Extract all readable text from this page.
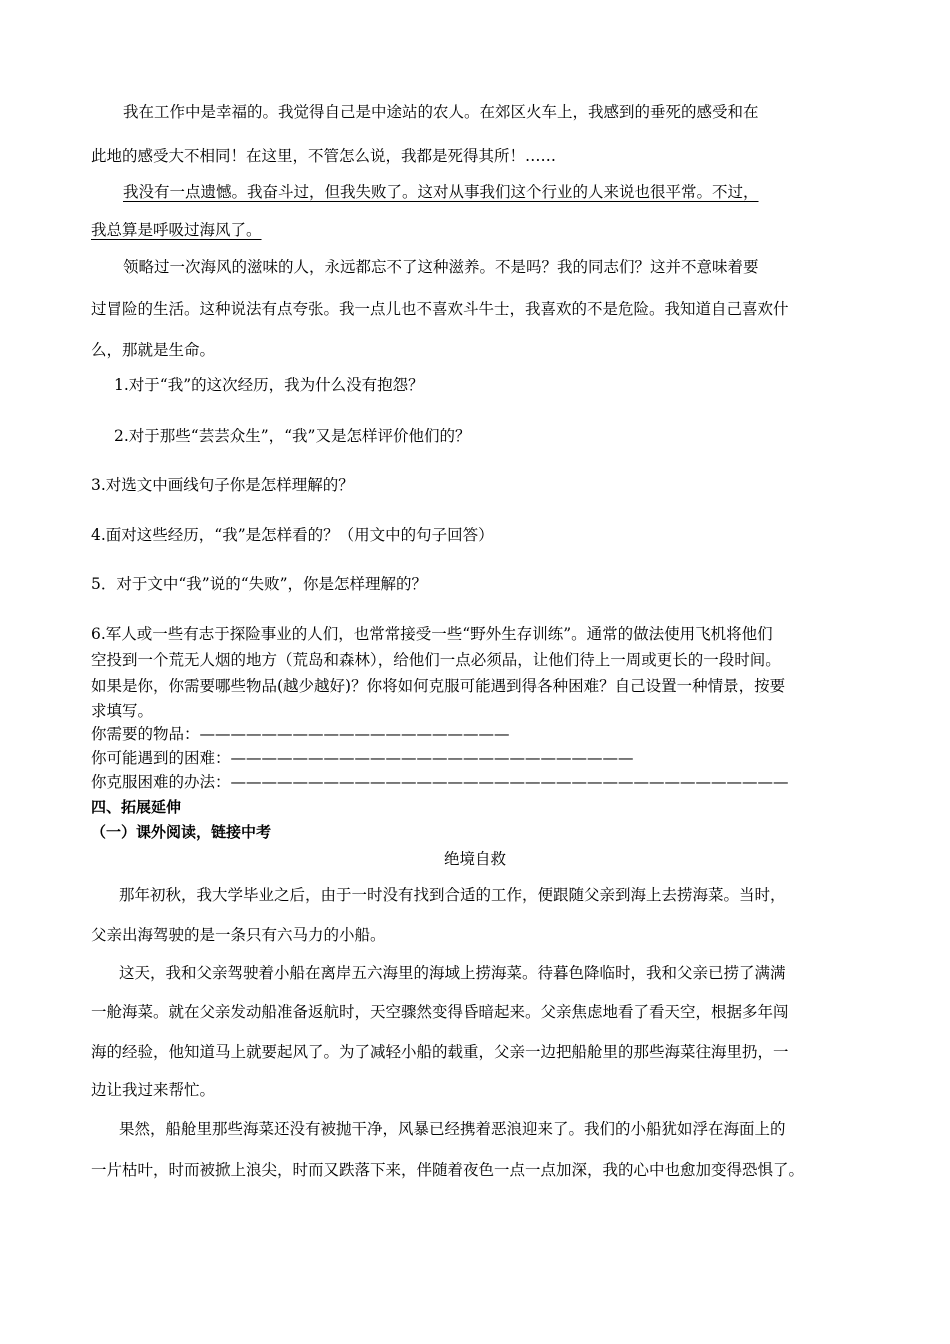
我在工作中是幸福的。我觉得自己是中途站的农人。在郊区火车上，我感到的垂死的感受和在
此地的感受大不相同！在这里，不管怎么说，我都是死得其所！……
我没有一点遗憾。我奋斗过，但我失败了。这对从事我们这个行业的人来说也很平常。不过，
我总算是呼吸过海风了。
领略过一次海风的滋味的人，永远都忘不了这种滋养。不是吗？我的同志们？这并不意味着要
过冒险的生活。这种说法有点夸张。我一点儿也不喜欢斗牛士，我喜欢的不是危险。我知道自己喜欢什
么，那就是生命。
1.对于“我”的这次经历，我为什么没有抱怨？
2.对于那些“芸芸众生”，“我”又是怎样评价他们的？
3.对选文中画线句子你是怎样理解的？
4.面对这些经历，“我”是怎样看的？（用文中的句子回答）
5．对于文中“我”说的“失败”，你是怎样理解的？
6.军人或一些有志于探险事业的人们，也常常接受一些“野外生存训练”。通常的做法使用飞机将他们
空投到一个荒无人烟的地方（荒岛和森林），给他们一点必须品，让他们待上一周或更长的一段时间。
如果是你，你需要哪些物品(越少越好)？你将如何克服可能遇到得各种困难？自己设置一种情景，按要
求填写。
你需要的物品：————————————————————
你可能遇到的困难：——————————————————————————
你克服困难的办法：————————————————————————————————————
四、拓展延伸
（一）课外阅读，链接中考
绝境自救
那年初秋，我大学毕业之后，由于一时没有找到合适的工作，便跟随父亲到海上去捞海菜。当时，
父亲出海驾驶的是一条只有六马力的小船。
这天，我和父亲驾驶着小船在离岸五六海里的海域上捞海菜。待暮色降临时，我和父亲已捞了满满
一舱海菜。就在父亲发动船准备返航时，天空骤然变得昏暗起来。父亲焦虑地看了看天空，根据多年闯
海的经验，他知道马上就要起风了。为了减轻小船的载重，父亲一边把船舱里的那些海菜往海里扔，一
边让我过来帮忙。
果然，船舱里那些海菜还没有被抛干净，风暴已经携着恶浪迎来了。我们的小船犹如浮在海面上的
一片枯叶，时而被掀上浪尖，时而又跌落下来，伴随着夜色一点一点加深，我的心中也愈加变得恐惧了。
